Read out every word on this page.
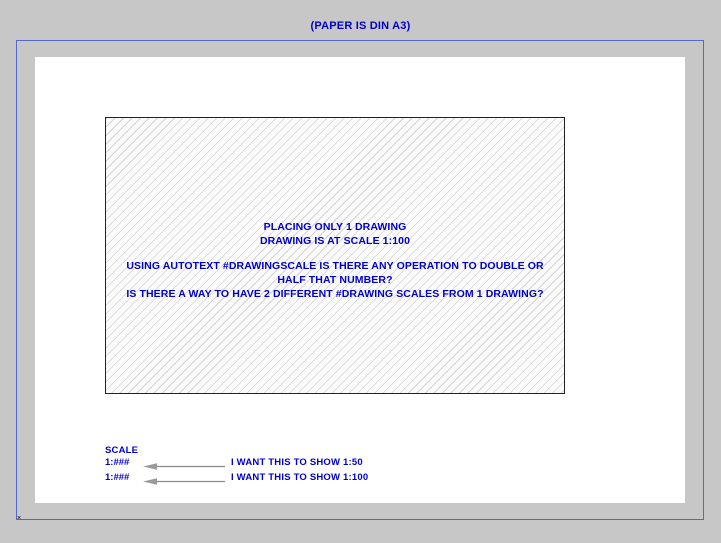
(PAPER IS DIN A3)
PLACING ONLY 1 DRAWING
DRAWING IS AT SCALE 1:100
USING AUTOTEXT #DRAWINGSCALE IS THERE ANY OPERATION TO DOUBLE OR HALF THAT NUMBER?
IS THERE A WAY TO HAVE 2 DIFFERENT #DRAWING SCALES FROM 1 DRAWING?
SCALE
1:###	I WANT THIS TO SHOW 1:50
1:###	I WANT THIS TO SHOW 1:100
×
